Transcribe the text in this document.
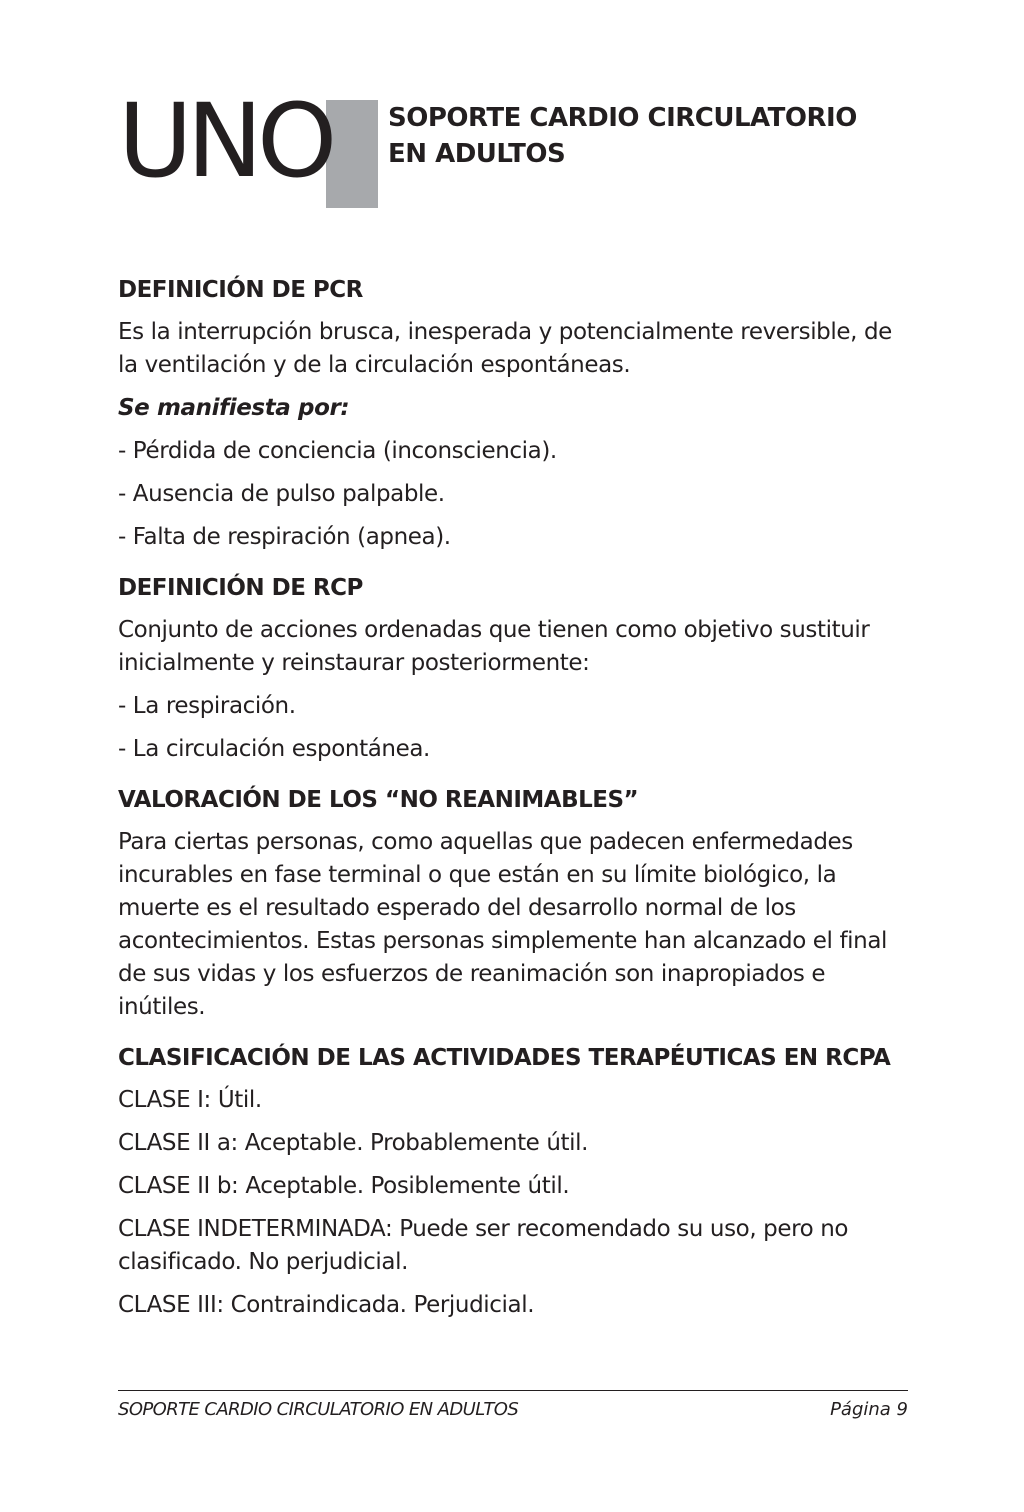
UNO SOPORTE CARDIO CIRCULATORIO
EN ADULTOS
DEFINICIÓN DE PCR
Es la interrupción brusca, inesperada y potencialmente reversible, de la ventilación y de la circulación espontáneas.
Se manifiesta por:
- Pérdida de conciencia (inconsciencia).
- Ausencia de pulso palpable.
- Falta de respiración (apnea).
DEFINICIÓN DE RCP
Conjunto de acciones ordenadas que tienen como objetivo sustituir inicialmente y reinstaurar posteriormente:
- La respiración.
- La circulación espontánea.
VALORACIÓN DE LOS “NO REANIMABLES”
Para ciertas personas, como aquellas que padecen enfermedades incurables en fase terminal o que están en su límite biológico, la muerte es el resultado esperado del desarrollo normal de los acontecimientos. Estas personas simplemente han alcanzado el final de sus vidas y los esfuerzos de reanimación son inapropiados e inútiles.
CLASIFICACIÓN DE LAS ACTIVIDADES TERAPÉUTICAS EN RCPA
CLASE I: Útil.
CLASE II a: Aceptable. Probablemente útil.
CLASE II b: Aceptable. Posiblemente útil.
CLASE INDETERMINADA: Puede ser recomendado su uso, pero no clasificado. No perjudicial.
CLASE III: Contraindicada. Perjudicial.
SOPORTE CARDIO CIRCULATORIO EN ADULTOS	Página 9
